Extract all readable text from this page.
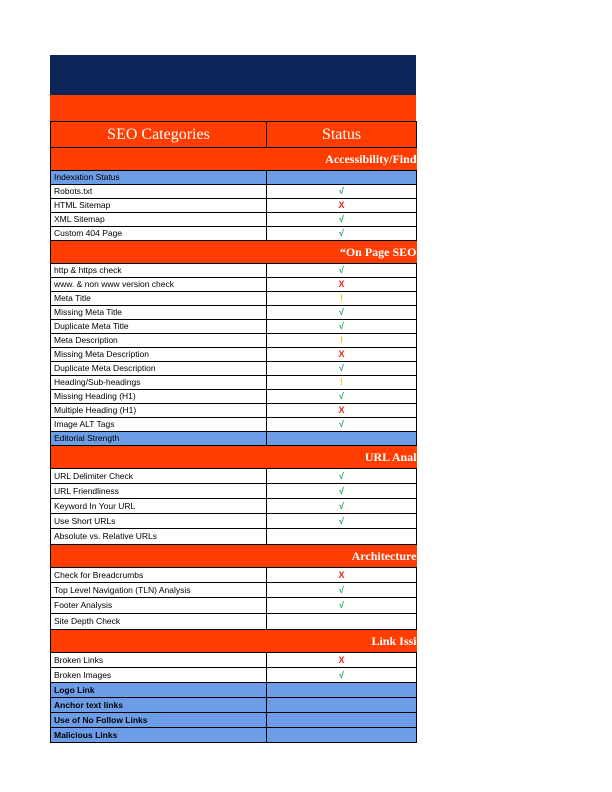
SEO Categories	Status
Accessibility/Find	
Indexation Status	
Robots.txt	√
HTML Sitemap	X
XML Sitemap	√
Custom 404 Page	√
“On Page SEO	
http & https check	√
www. & non www version check	X
Meta Title	!
Missing Meta Title	√
Duplicate Meta Title	√
Meta Description	!
Missing Meta Description	X
Duplicate Meta Description	√
Heading/Sub-headings	!
Missing Heading (H1)	√
Multiple Heading (H1)	X
Image ALT Tags	√
Editorial Strength	
URL Anal	
URL Delimiter Check	√
URL Friendliness	√
Keyword In Your URL	√
Use Short URLs	√
Absolute vs. Relative URLs	
Architecture	
Check for Breadcrumbs	X
Top Level Navigation (TLN) Analysis	√
Footer Analysis	√
Site Depth Check	
Link Issi	
Broken Links	X
Broken Images	√
Logo Link	
Anchor text links	
Use of No Follow Links	
Malicious Links	
